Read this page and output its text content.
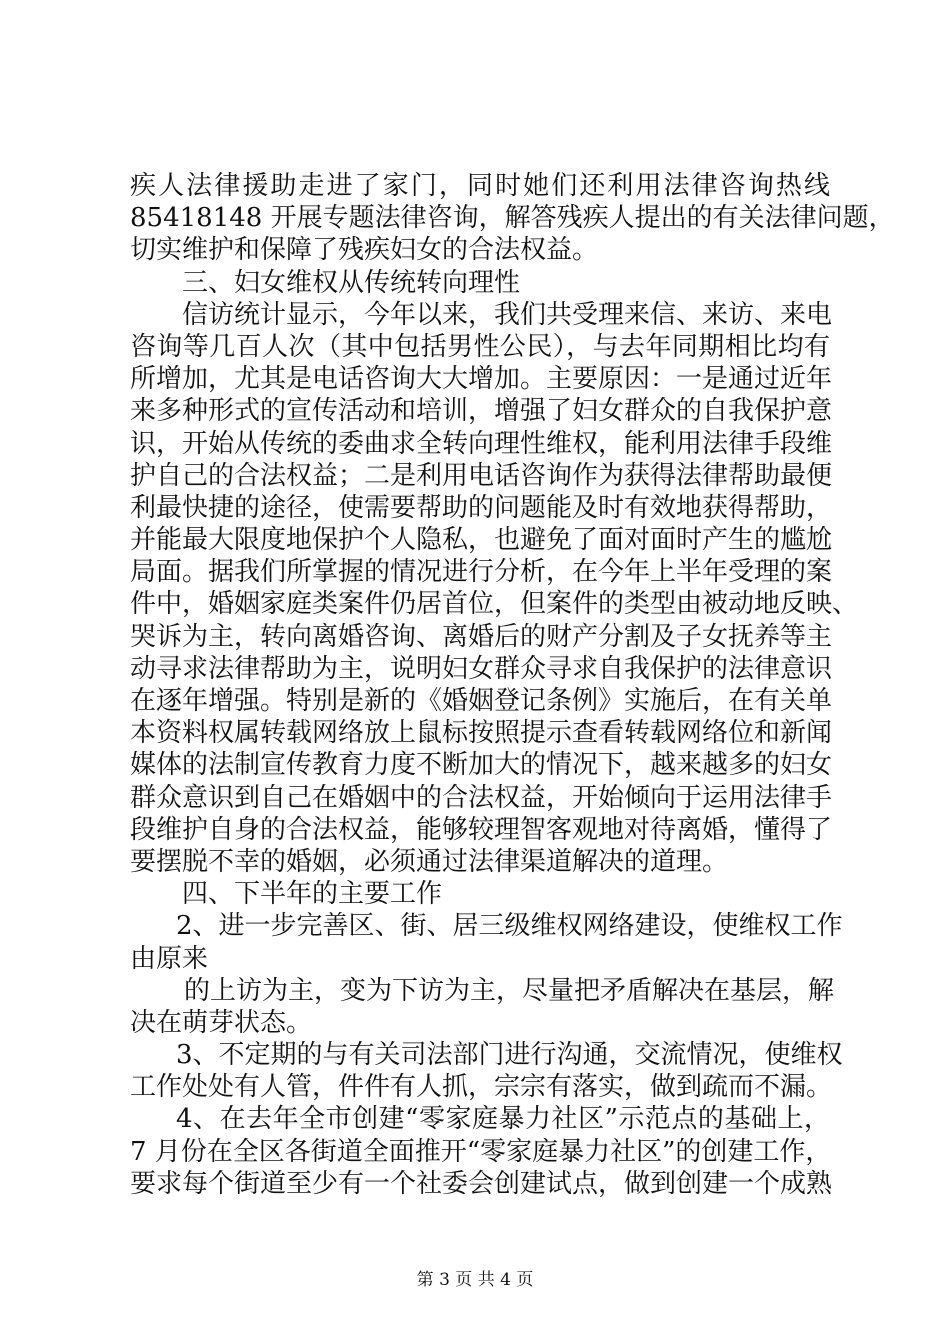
疾人法律援助走进了家门，同时她们还利用法律咨询热线
85418148 开展专题法律咨询，解答残疾人提出的有关法律问题，
切实维护和保障了残疾妇女的合法权益。
三、妇女维权从传统转向理性
信访统计显示，今年以来，我们共受理来信、来访、来电
咨询等几百人次（其中包括男性公民），与去年同期相比均有
所增加，尤其是电话咨询大大增加。主要原因：一是通过近年
来多种形式的宣传活动和培训，增强了妇女群众的自我保护意
识，开始从传统的委曲求全转向理性维权，能利用法律手段维
护自己的合法权益；二是利用电话咨询作为获得法律帮助最便
利最快捷的途径，使需要帮助的问题能及时有效地获得帮助，
并能最大限度地保护个人隐私，也避免了面对面时产生的尴尬
局面。据我们所掌握的情况进行分析，在今年上半年受理的案
件中，婚姻家庭类案件仍居首位，但案件的类型由被动地反映、
哭诉为主，转向离婚咨询、离婚后的财产分割及子女抚养等主
动寻求法律帮助为主，说明妇女群众寻求自我保护的法律意识
在逐年增强。特别是新的《婚姻登记条例》实施后，在有关单
本资料权属转载网络放上鼠标按照提示查看转载网络位和新闻
媒体的法制宣传教育力度不断加大的情况下，越来越多的妇女
群众意识到自己在婚姻中的合法权益，开始倾向于运用法律手
段维护自身的合法权益，能够较理智客观地对待离婚，懂得了
要摆脱不幸的婚姻，必须通过法律渠道解决的道理。
四、下半年的主要工作
2、进一步完善区、街、居三级维权网络建设，使维权工作
由原来
的上访为主，变为下访为主，尽量把矛盾解决在基层，解
决在萌芽状态。
3、不定期的与有关司法部门进行沟通，交流情况，使维权
工作处处有人管，件件有人抓，宗宗有落实，做到疏而不漏。
4、在去年全市创建“零家庭暴力社区”示范点的基础上，
7 月份在全区各街道全面推开“零家庭暴力社区”的创建工作，
要求每个街道至少有一个社委会创建试点，做到创建一个成熟
第 3 页 共 4 页
